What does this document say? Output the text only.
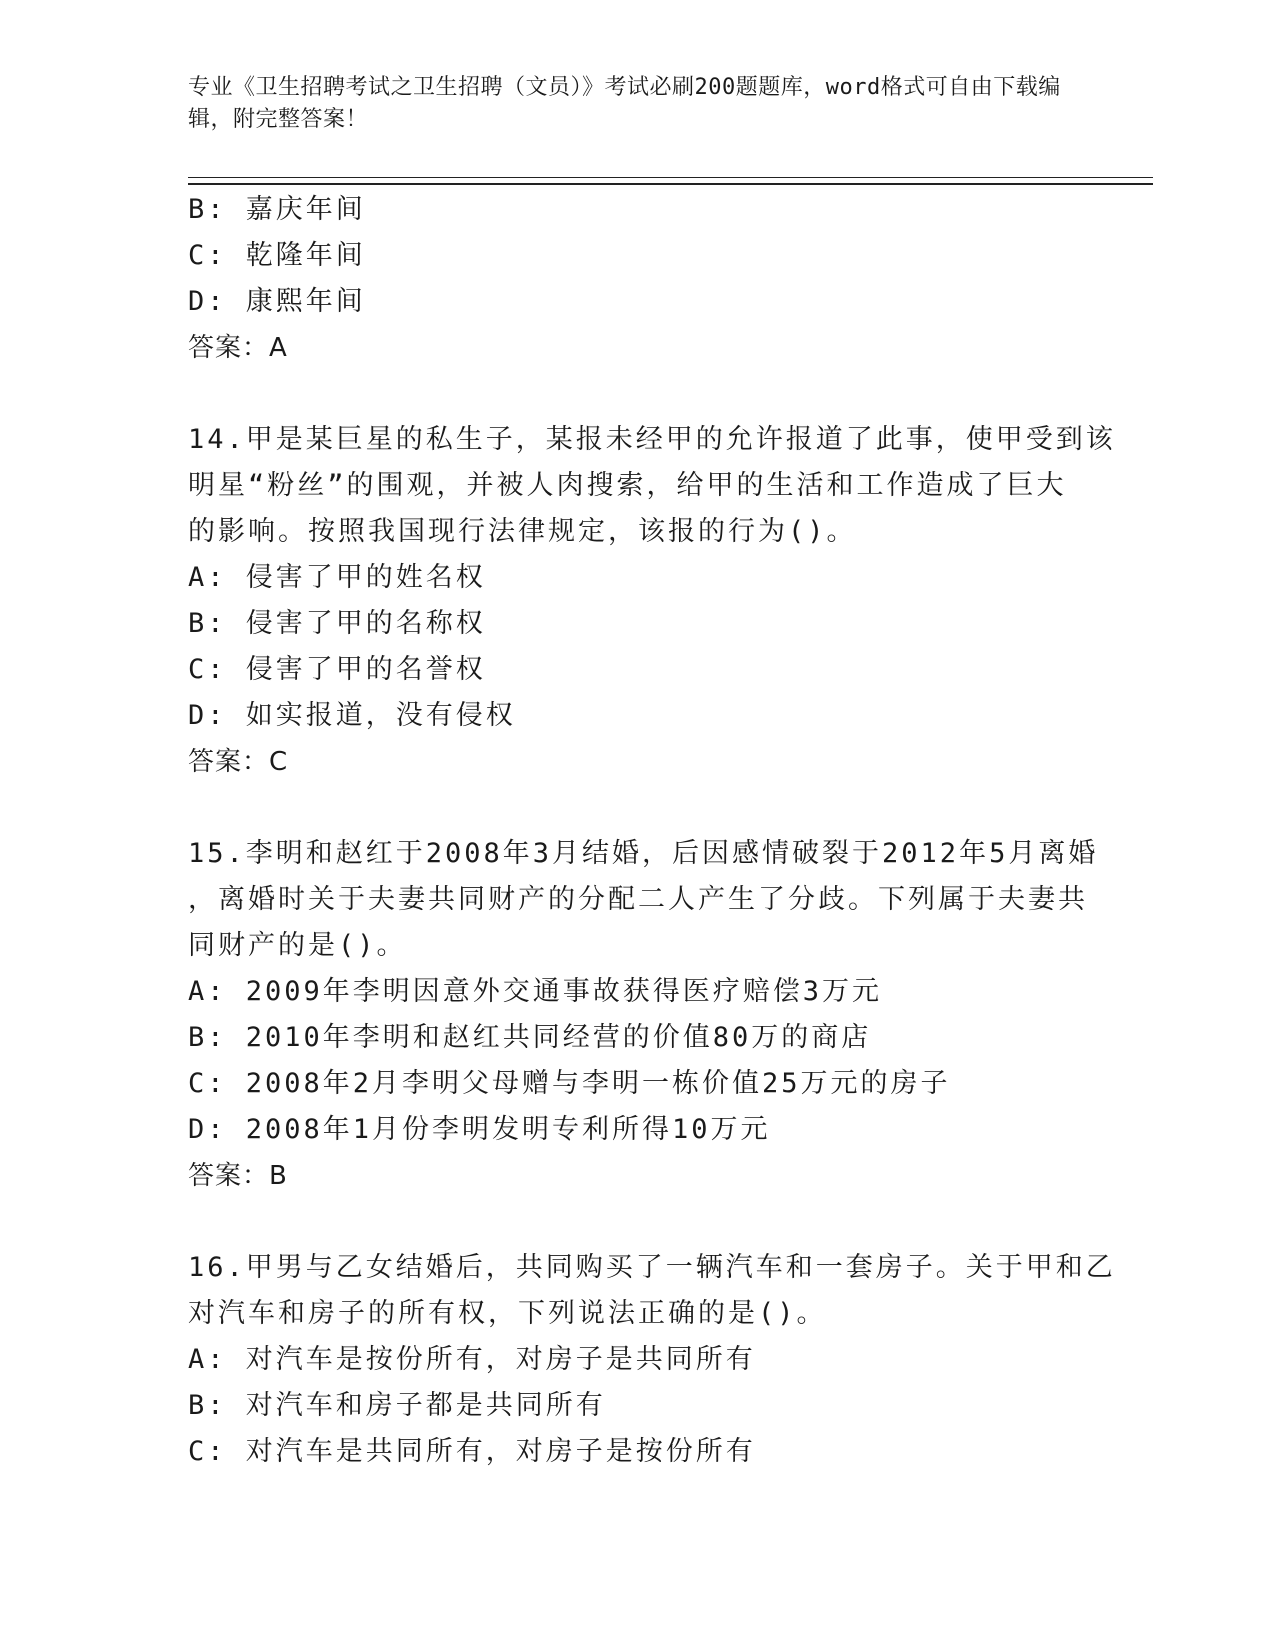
专业《卫生招聘考试之卫生招聘（文员）》考试必刷200题题库，word格式可自由下载编辑，附完整答案！
B: 嘉庆年间
C: 乾隆年间
D: 康熙年间
答案：A
14.甲是某巨星的私生子，某报未经甲的允许报道了此事，使甲受到该
明星“粉丝”的围观，并被人肉搜索，给甲的生活和工作造成了巨大
的影响。按照我国现行法律规定，该报的行为()。
A: 侵害了甲的姓名权
B: 侵害了甲的名称权
C: 侵害了甲的名誉权
D: 如实报道，没有侵权
答案：C
15.李明和赵红于2008年3月结婚，后因感情破裂于2012年5月离婚
，离婚时关于夫妻共同财产的分配二人产生了分歧。下列属于夫妻共
同财产的是()。
A: 2009年李明因意外交通事故获得医疗赔偿3万元
B: 2010年李明和赵红共同经营的价值80万的商店
C: 2008年2月李明父母赠与李明一栋价值25万元的房子
D: 2008年1月份李明发明专利所得10万元
答案：B
16.甲男与乙女结婚后，共同购买了一辆汽车和一套房子。关于甲和乙
对汽车和房子的所有权，下列说法正确的是()。
A: 对汽车是按份所有，对房子是共同所有
B: 对汽车和房子都是共同所有
C: 对汽车是共同所有，对房子是按份所有
